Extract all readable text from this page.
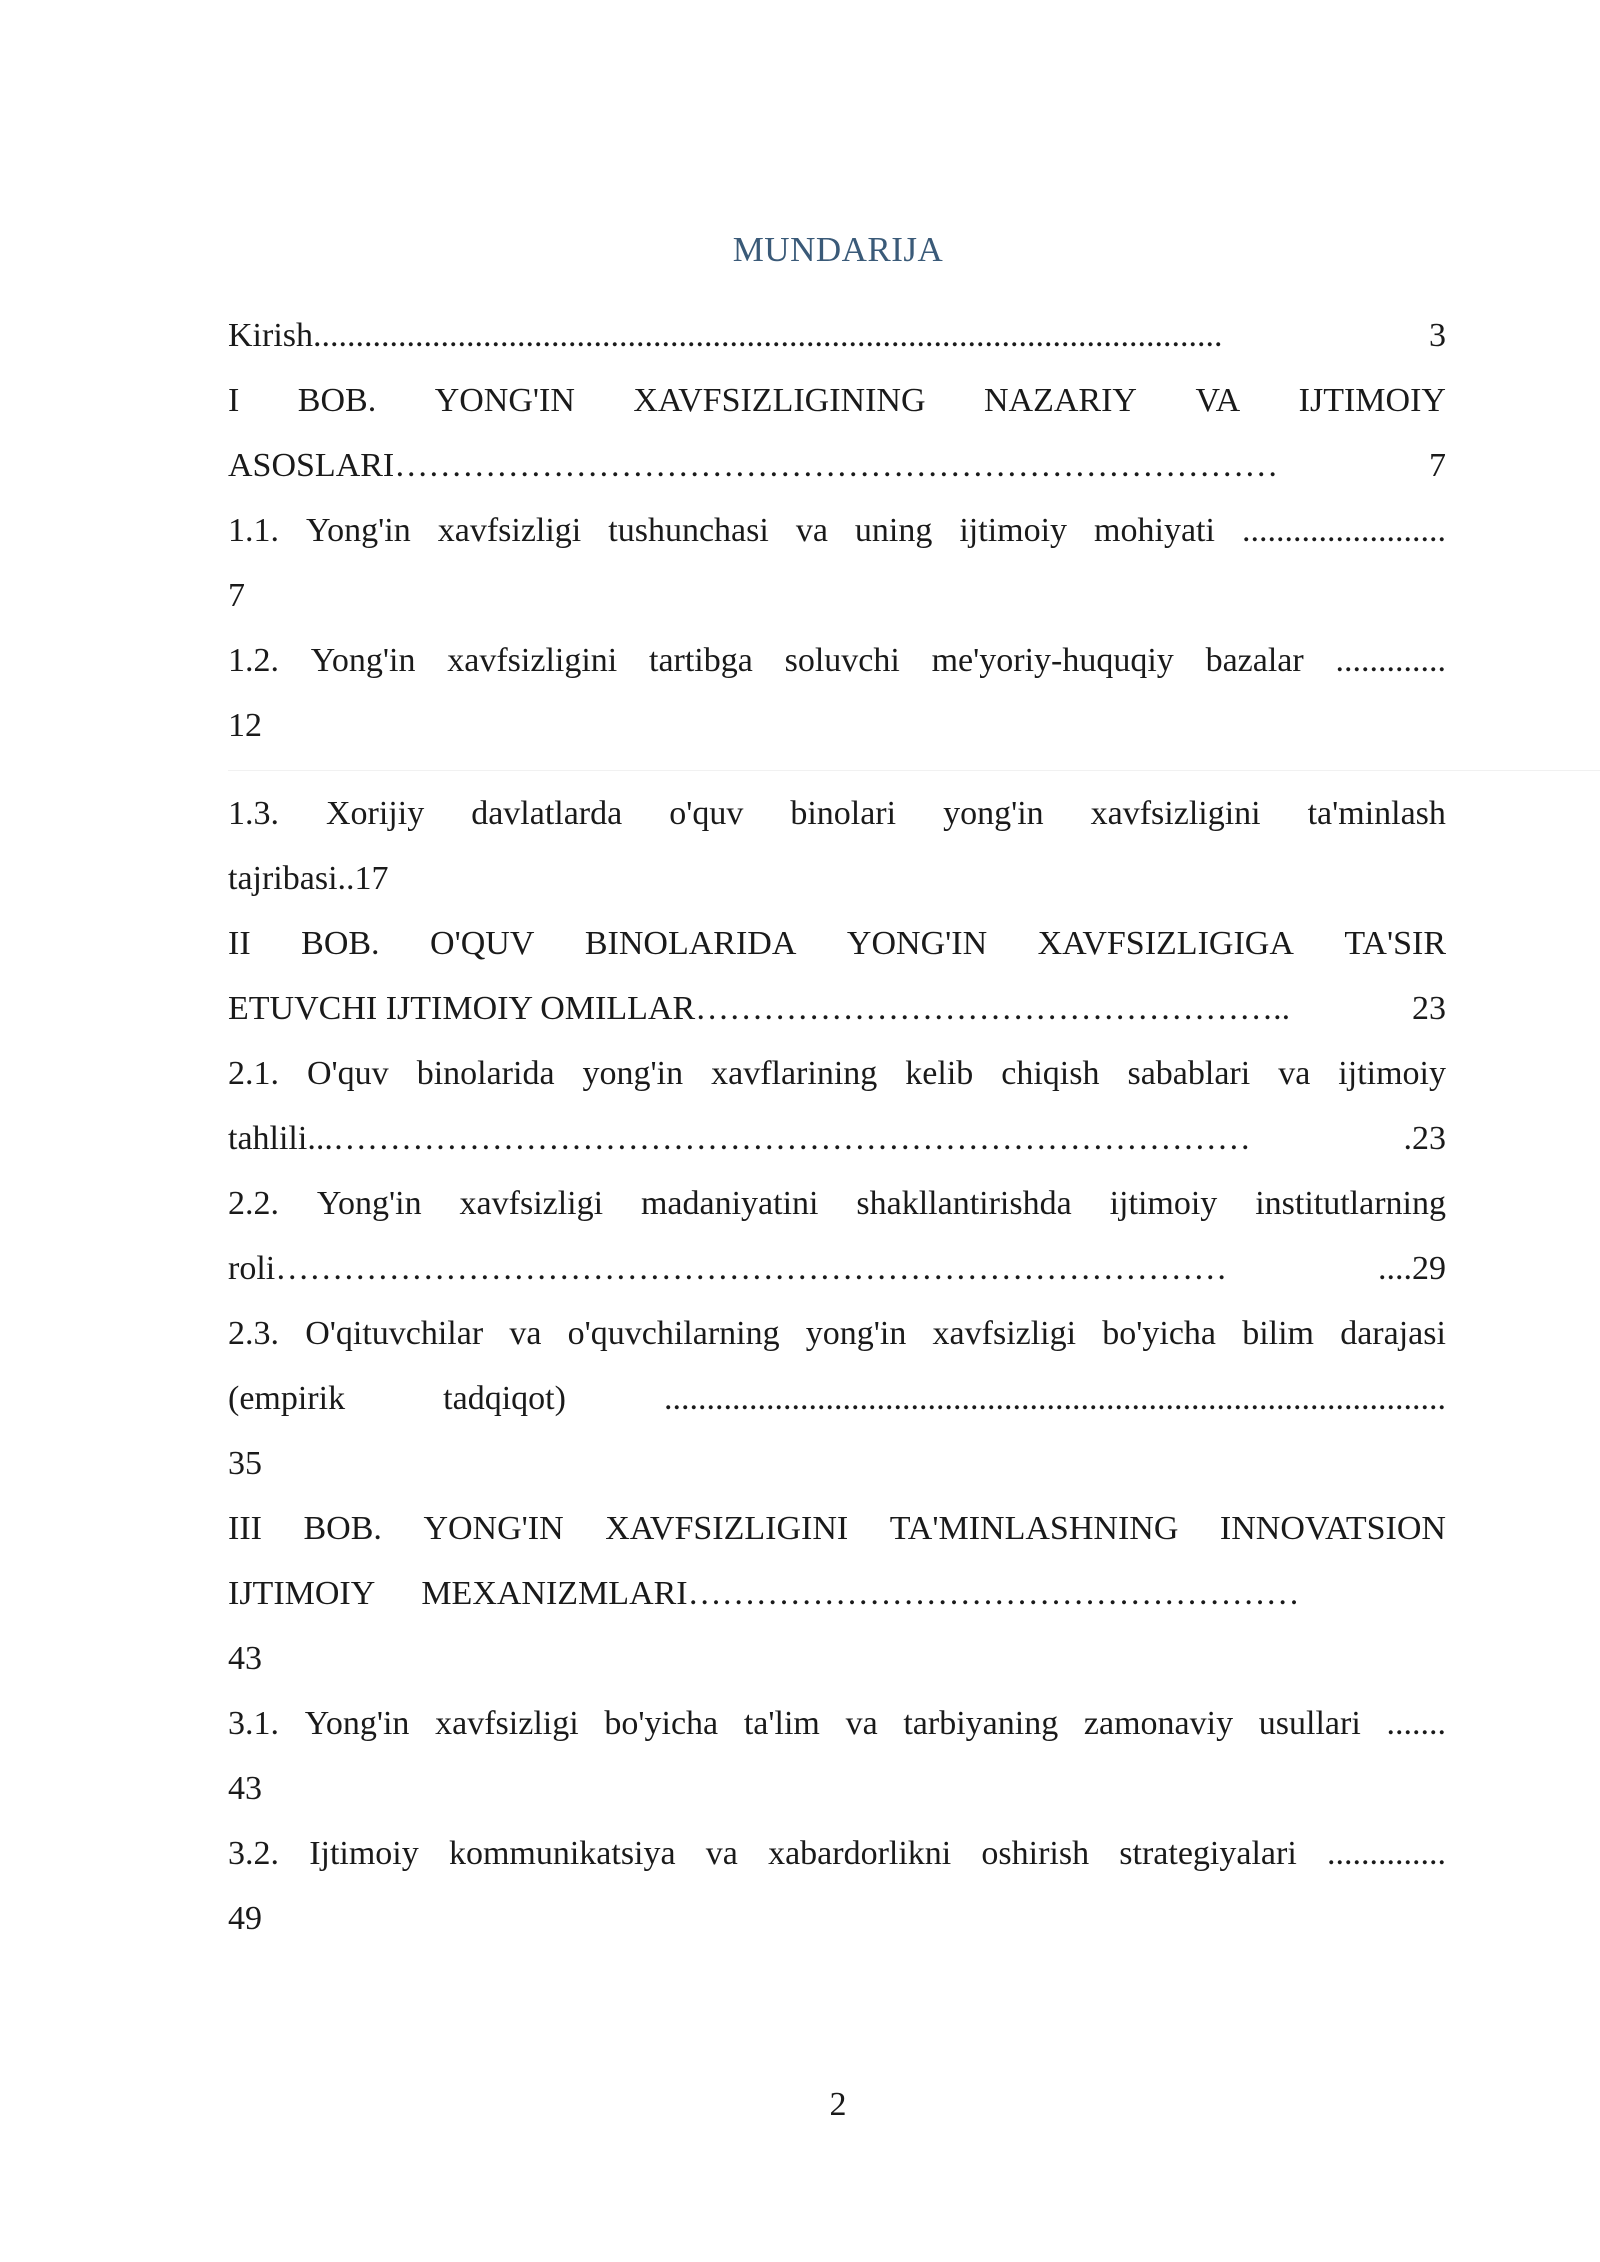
MUNDARIJA
Kirish ...........................................................................................................	3
I BOB. YONG'IN XAVFSIZLIGINING NAZARIY VA IJTIMOIY
ASOSLARI ……………………………………………………………………	7
1.1. Yong'in xavfsizligi tushunchasi va uning ijtimoiy mohiyati ........................
7
1.2. Yong'in xavfsizligini tartibga soluvchi me'yoriy-huquqiy bazalar .............
12
1.3. Xorijiy davlatlarda o'quv binolari yong'in xavfsizligini ta'minlash
tajribasi..17
II BOB. O'QUV BINOLARIDA YONG'IN XAVFSIZLIGIGA TA'SIR
ETUVCHI IJTIMOIY OMILLAR ……………………………………………..	23
2.1. O'quv binolarida yong'in xavflarining kelib chiqish sabablari va ijtimoiy
tahlili... ………………………………………………………………………	.23
2.2. Yong'in xavfsizligi madaniyatini shakllantirishda ijtimoiy institutlarning
roli …………………………………………………………………………	....29
2.3. O'qituvchilar va o'quvchilarning yong'in xavfsizligi bo'yicha bilim darajasi
(empirik	tadqiqot)	............................................................................................
35
III BOB. YONG'IN XAVFSIZLIGINI TA'MINLASHNING INNOVATSION
IJTIMOIY MEXANIZMLARI………………………………………………
43
3.1. Yong'in xavfsizligi bo'yicha ta'lim va tarbiyaning zamonaviy usullari .......
43
3.2. Ijtimoiy kommunikatsiya va xabardorlikni oshirish strategiyalari ..............
49
2
